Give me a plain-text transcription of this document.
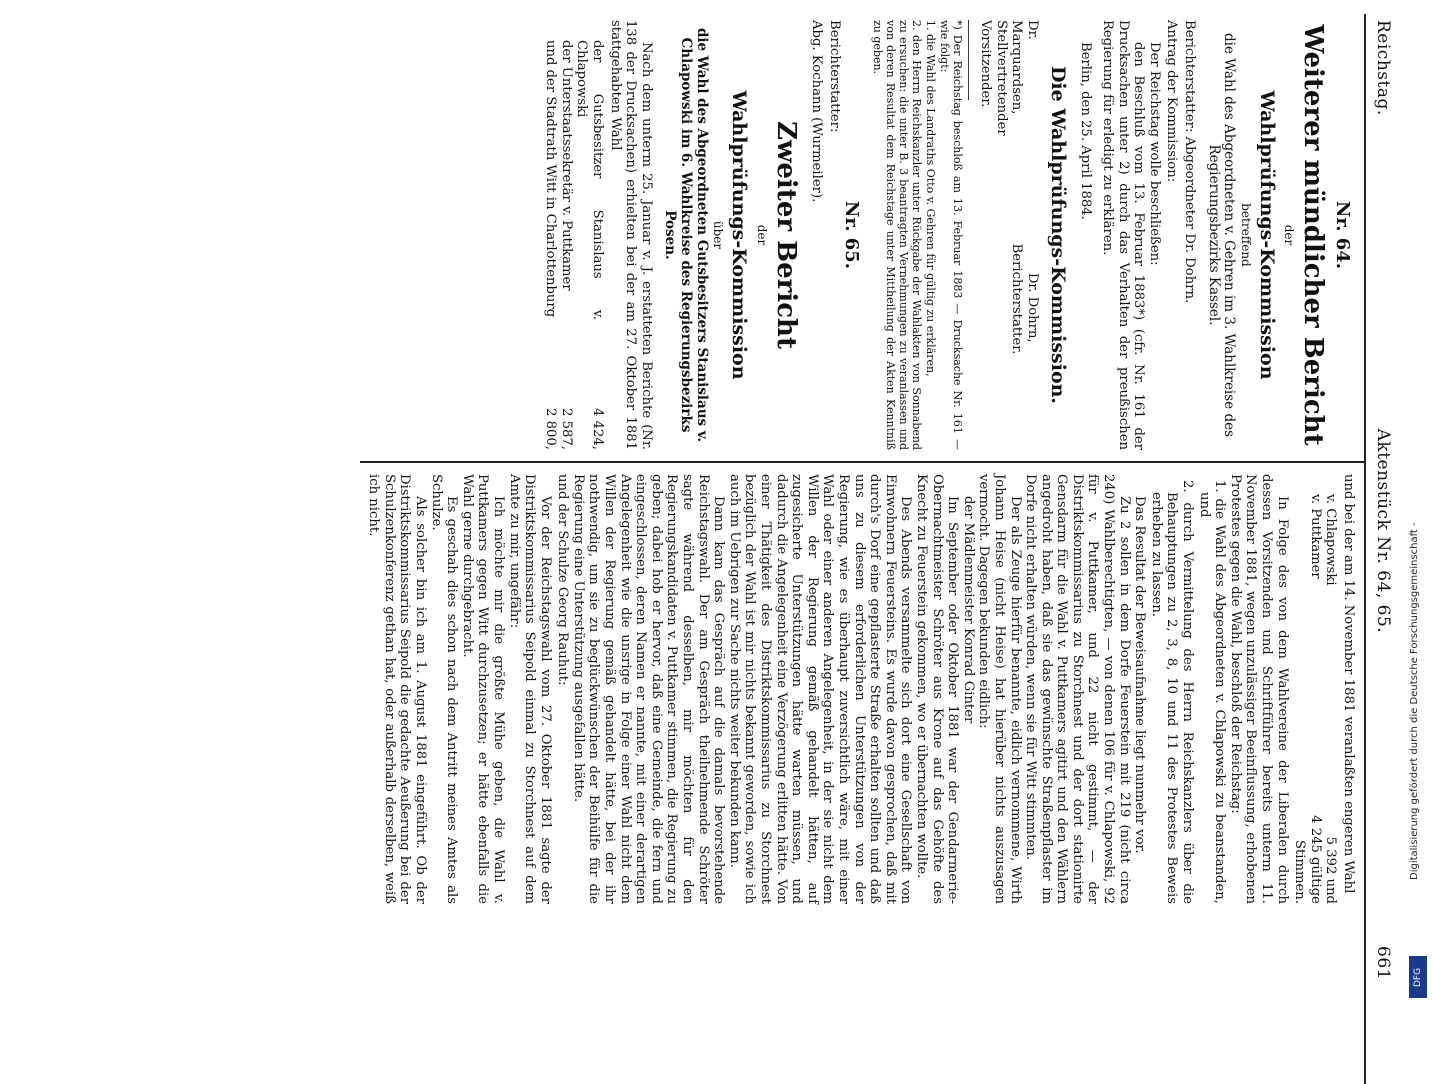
Reichstag.
Aktenstück Nr. 64, 65.
661
Nr. 64.
Weiterer mündlicher Bericht
der
Wahlprüfungs-Kommission
betreffend
die Wahl des Abgeordneten v. Gehren im 3. Wahlkreise des Regierungsbezirks Kassel.

Berichterstatter: Abgeordneter Dr. Dohrn.

Antrag der Kommission:

Der Reichstag wolle beschließen:

den Beschluß vom 13. Februar 1883*) (cfr. Nr. 161 der Drucksachen unter 2) durch das Verhalten der preußischen Regierung für erledigt zu erklären.

Berlin, den 25. April 1884.

Die Wahlprüfungs-Kommission.
Dr. Marquardsen,
Stellvertretender Vorsitzender.
Dr. Dohrn,
Berichterstatter.

*) Der Reichstag beschloß am 13. Februar 1883 — Drucksache Nr. 161 — wie folgt:

1. die Wahl des Landraths Otto v. Gehren für gültig zu erklären,

2. den Herrn Reichskanzler unter Rückgabe der Wahlakten von Sonnabend zu ersuchen: die unter B. 3 beantragten Vernehmungen zu veranlassen und von deren Resultat dem Reichstage unter Mittheilung der Akten Kenntniß zu geben.

Nr. 65.

Berichterstatter:

Abg. Kochann (Wurmeiler).

Zweiter Bericht
der
Wahlprüfungs-Kommission
über
die Wahl des Abgeordneten Gutsbesitzers Stanislaus v. Chlapowski im 6. Wahlkreise des Regierungsbezirks Posen.

Nach dem unterm 25. Januar v. J. erstatteten Berichte (Nr. 138 der Drucksachen) erhielten bei der am 27. Oktober 1881 stattgehabten Wahl

der Gutsbesitzer Stanislaus v. Chlapowski
4 424,
der Unterstaatssekretär v. Puttkamer
2 587,
und der Stadtrath Witt in Charlottenburg
2 800,

und bei der am 14. November 1881 veranlaßten engeren Wahl

v. Chlapowski
5 392 und
v. Puttkamer
4 245 gültige Stimmen.

In Folge des von dem Wahlvereine der Liberalen durch dessen Vorsitzenden und Schriftführer bereits unterm 11. November 1881, wegen unzulässiger Beeinflussung, erhobenen Protestes gegen die Wahl, beschloß der Reichstag:

1. die Wahl des Abgeordneten v. Chlapowski zu beanstanden, und

2. durch Vermittelung des Herrn Reichskanzlers über die Behauptungen zu 2, 3, 8, 10 und 11 des Protestes Beweis erheben zu lassen.

Das Resultat der Beweisaufnahme liegt nunmehr vor.

Zu 2 sollen in dem Dorfe Feuerstein mit 219 (nicht circa 240) Wahlberechtigten, — von denen 106 für v. Chlapowski, 92 für v. Puttkamer, und 22 nicht gestimmt, — der Distriktskommissarius zu Storchnest und der dort stationirte Gensdarm für die Wahl v. Puttkamers agitirt und den Wählern angedroht haben, daß sie das gewünschte Straßenpflaster im Dorfe nicht erhalten würden, wenn sie für Witt stimmten.

Der als Zeuge hierfür benannte, eidlich vernommene, Wirth Johann Heise (nicht Heise) hat hierüber nichts auszusagen vermocht. Dagegen bekunden eidlich:

der Mädlenmeister Konrad Ginter

Im September oder Oktober 1881 war der Gendarmerie-Obermachtmeister Schröter aus Krone auf das Gehöfte des Knecht zu Feuerstein gekommen, wo er übernachten wollte.

Des Abends versammelte sich dort eine Gesellschaft von Einwohnern Feuersteins. Es wurde davon gesprochen, daß mit durch's Dorf eine gepflasterte Straße erhalten sollten und daß uns zu diesem erforderlichen Unterstützungen von der Regierung, wie es überhaupt zuversichtlich wäre, mit einer Wahl oder einer anderen Angelegenheit, in der sie nicht dem Willen der Regierung gemäß gehandelt hätten, auf zugesicherte Unterstützungen hätte warten müssen, und dadurch die Angelegenheit eine Verzögerung erlitten hätte. Von einer Thätigkeit des Distriktskommissarius zu Storchnest bezüglich der Wahl ist mir nichts bekannt geworden, sowie ich auch im Uebrigen zur Sache nichts weiter bekunden kann.

Dann kam das Gespräch auf die damals bevorstehende Reichstagswahl. Der am Gespräch theilnehmende Schröter sagte während desselben, mir möchten für den Regierungskandidaten v. Puttkamer stimmen, die Regierung zu geben; dabei hob er hervor, daß eine Gemeinde, die fern und eingeschlossen, deren Namen er nannte, mit einer derartigen Angelegenheit wie die unsrige in Folge einer Wahl nicht dem Willen der Regierung gemäß gehandelt hätte, bei der ihr nothwendig, um sie zu beglückwünschen der Beihülfe für die Regierung eine Unterstützung ausgefallen hätte.

und der Schulze Georg Rauhut:

Vor der Reichstagswahl vom 27. Oktober 1881 sagte der Distriktskommissarius Seipold einmal zu Storchnest auf dem Amte zu mir, ungefähr:

Ich möchte mir die größte Mühe geben, die Wahl v. Puttkamers gegen Witt durchzusetzen; er hätte ebenfalls die Wahl gerne durchgebracht.

Es geschah dies schon nach dem Antritt meines Amtes als Schulze.

Als solcher bin ich am 1. August 1881 eingeführt. Ob der Distriktskommissarius Seipold die gedachte Aeußerung bei der Schulzenkonferenz gethan hat, oder außerhalb derselben, weiß ich nicht.

Digitalisierung gefördert durch die Deutsche Forschungsgemeinschaft -
DFG
